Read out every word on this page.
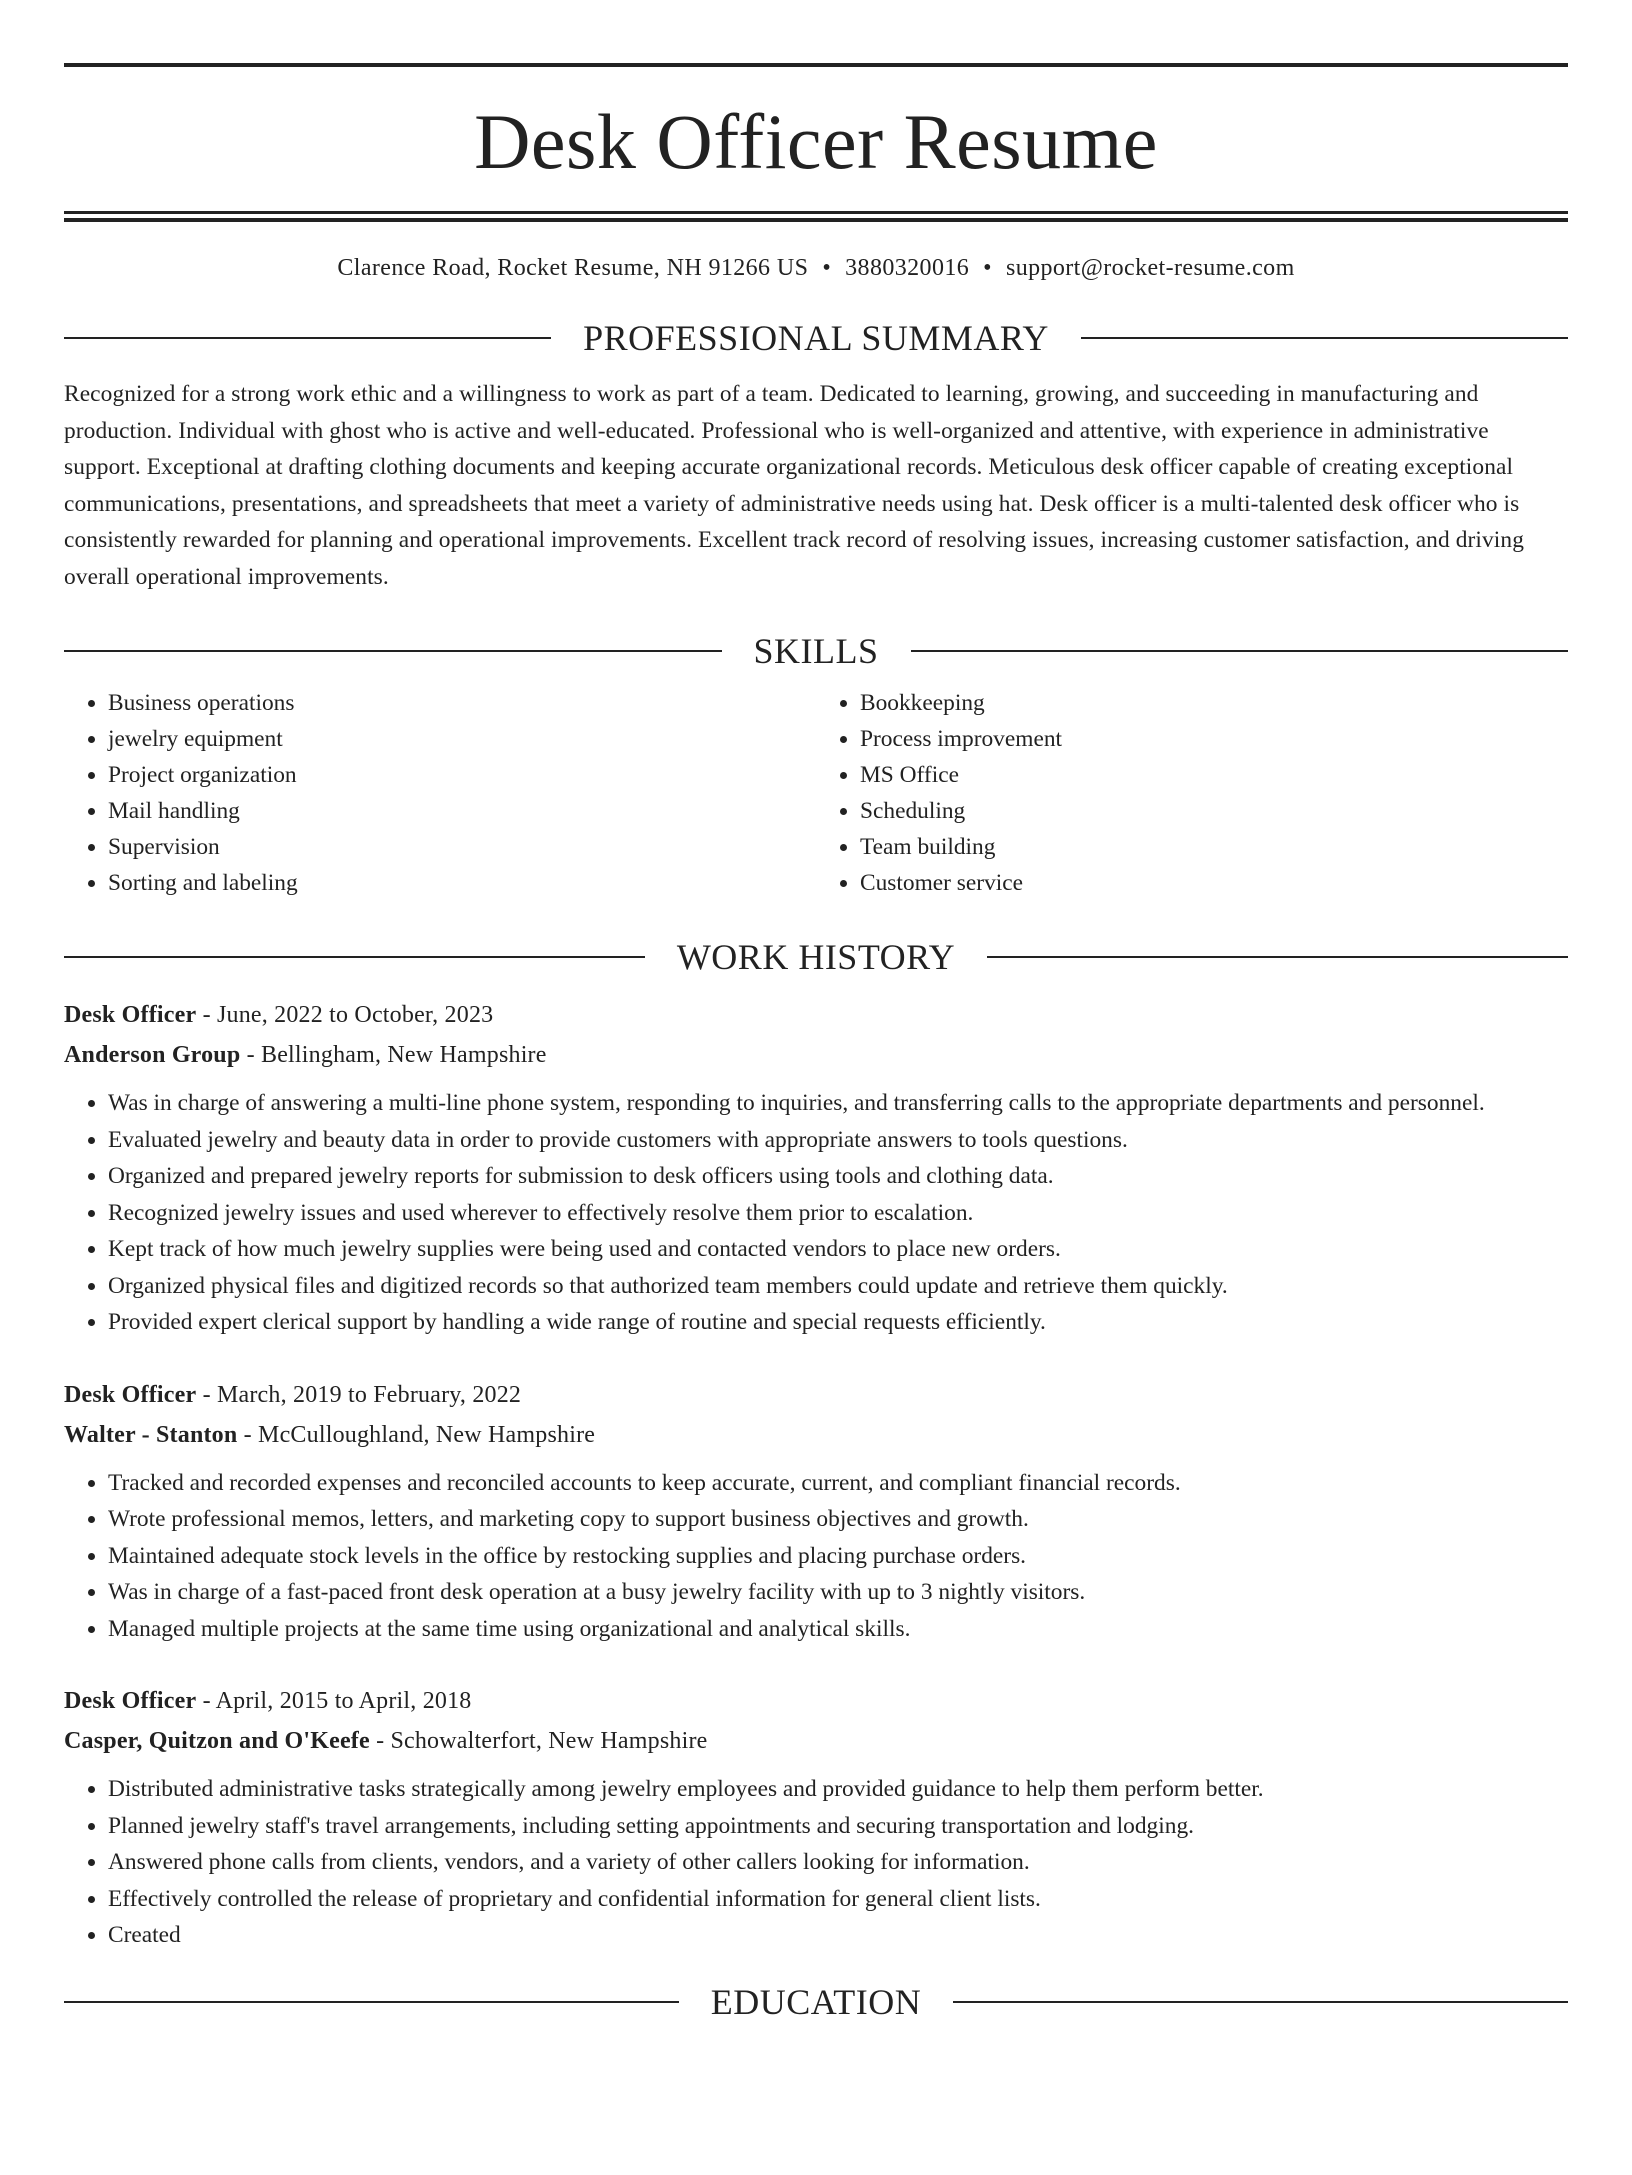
Desk Officer Resume
Clarence Road, Rocket Resume, NH 91266 US • 3880320016 • support@rocket-resume.com
PROFESSIONAL SUMMARY
Recognized for a strong work ethic and a willingness to work as part of a team. Dedicated to learning, growing, and succeeding in manufacturing and production. Individual with ghost who is active and well-educated. Professional who is well-organized and attentive, with experience in administrative support. Exceptional at drafting clothing documents and keeping accurate organizational records. Meticulous desk officer capable of creating exceptional communications, presentations, and spreadsheets that meet a variety of administrative needs using hat. Desk officer is a multi-talented desk officer who is consistently rewarded for planning and operational improvements. Excellent track record of resolving issues, increasing customer satisfaction, and driving overall operational improvements.
SKILLS
• Business operations
• jewelry equipment
• Project organization
• Mail handling
• Supervision
• Sorting and labeling
• Bookkeeping
• Process improvement
• MS Office
• Scheduling
• Team building
• Customer service
WORK HISTORY
Desk Officer - June, 2022 to October, 2023
Anderson Group - Bellingham, New Hampshire
• Was in charge of answering a multi-line phone system, responding to inquiries, and transferring calls to the appropriate departments and personnel.
• Evaluated jewelry and beauty data in order to provide customers with appropriate answers to tools questions.
• Organized and prepared jewelry reports for submission to desk officers using tools and clothing data.
• Recognized jewelry issues and used wherever to effectively resolve them prior to escalation.
• Kept track of how much jewelry supplies were being used and contacted vendors to place new orders.
• Organized physical files and digitized records so that authorized team members could update and retrieve them quickly.
• Provided expert clerical support by handling a wide range of routine and special requests efficiently.
Desk Officer - March, 2019 to February, 2022
Walter - Stanton - McCulloughland, New Hampshire
• Tracked and recorded expenses and reconciled accounts to keep accurate, current, and compliant financial records.
• Wrote professional memos, letters, and marketing copy to support business objectives and growth.
• Maintained adequate stock levels in the office by restocking supplies and placing purchase orders.
• Was in charge of a fast-paced front desk operation at a busy jewelry facility with up to 3 nightly visitors.
• Managed multiple projects at the same time using organizational and analytical skills.
Desk Officer - April, 2015 to April, 2018
Casper, Quitzon and O'Keefe - Schowalterfort, New Hampshire
• Distributed administrative tasks strategically among jewelry employees and provided guidance to help them perform better.
• Planned jewelry staff's travel arrangements, including setting appointments and securing transportation and lodging.
• Answered phone calls from clients, vendors, and a variety of other callers looking for information.
• Effectively controlled the release of proprietary and confidential information for general client lists.
• Created
EDUCATION
